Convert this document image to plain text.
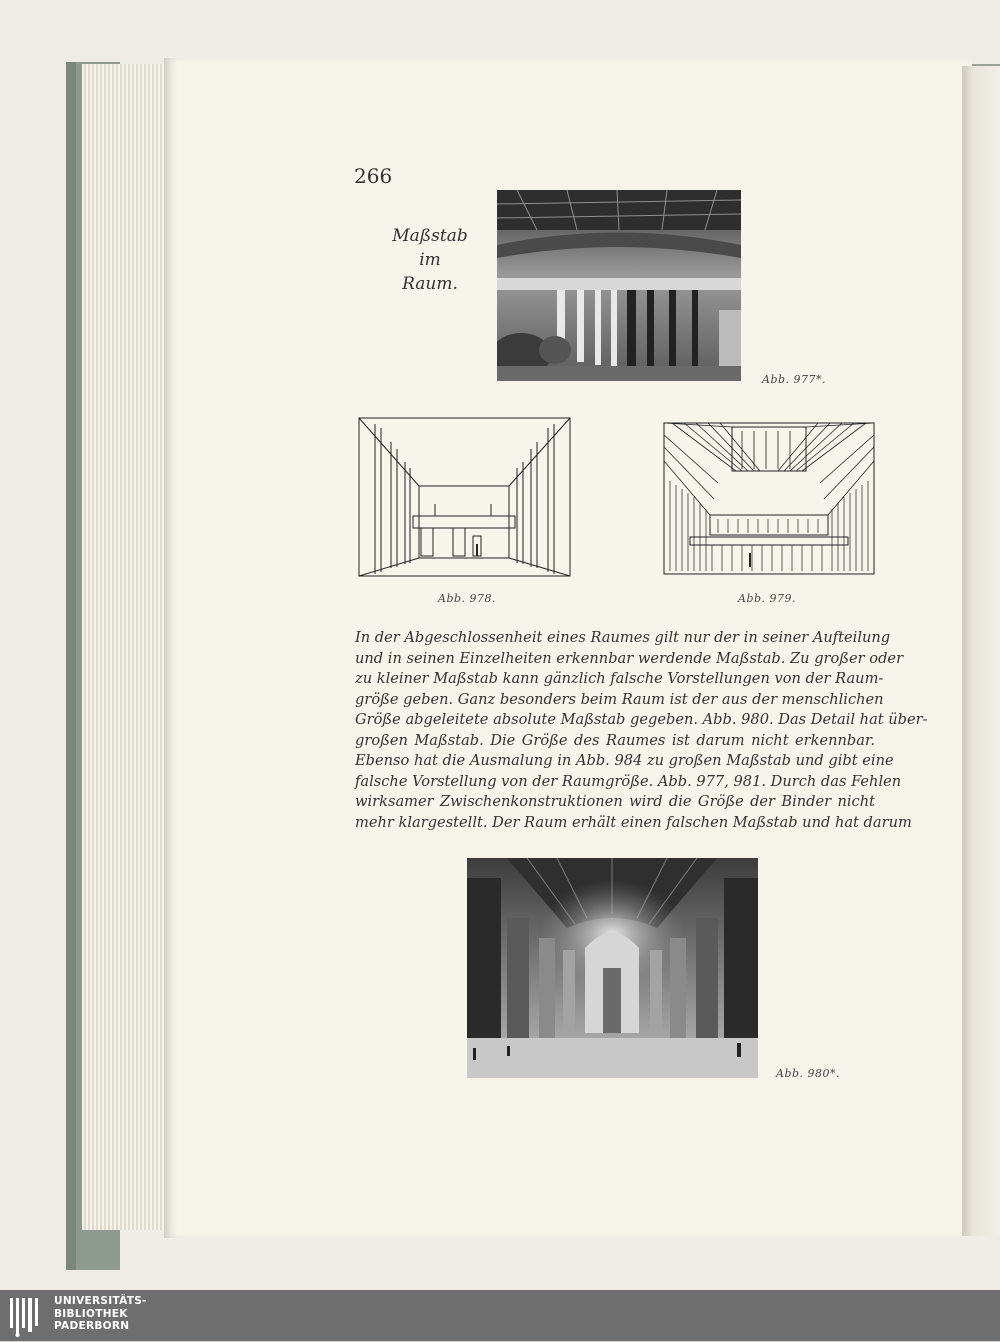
266
Maßstab
im
Raum.
Abb. 977*.
Abb. 978.	Abb. 979.
In der Abgeschlossenheit eines Raumes gilt nur der in seiner Aufteilung
und in seinen Einzelheiten erkennbar werdende Maßstab. Zu großer oder
zu kleiner Maßstab kann gänzlich falsche Vorstellungen von der Raum-
größe geben. Ganz besonders beim Raum ist der aus der menschlichen
Größe abgeleitete absolute Maßstab gegeben. Abb. 980. Das Detail hat über-
großen Maßstab. Die Größe des Raumes ist darum nicht erkennbar.
Ebenso hat die Ausmalung in Abb. 984 zu großen Maßstab und gibt eine
falsche Vorstellung von der Raumgröße. Abb. 977, 981. Durch das Fehlen
wirksamer Zwischenkonstruktionen wird die Größe der Binder nicht
mehr klargestellt. Der Raum erhält einen falschen Maßstab und hat darum
Abb. 980*.
UNIVERSITÄTS-
BIBLIOTHEK
PADERBORN
